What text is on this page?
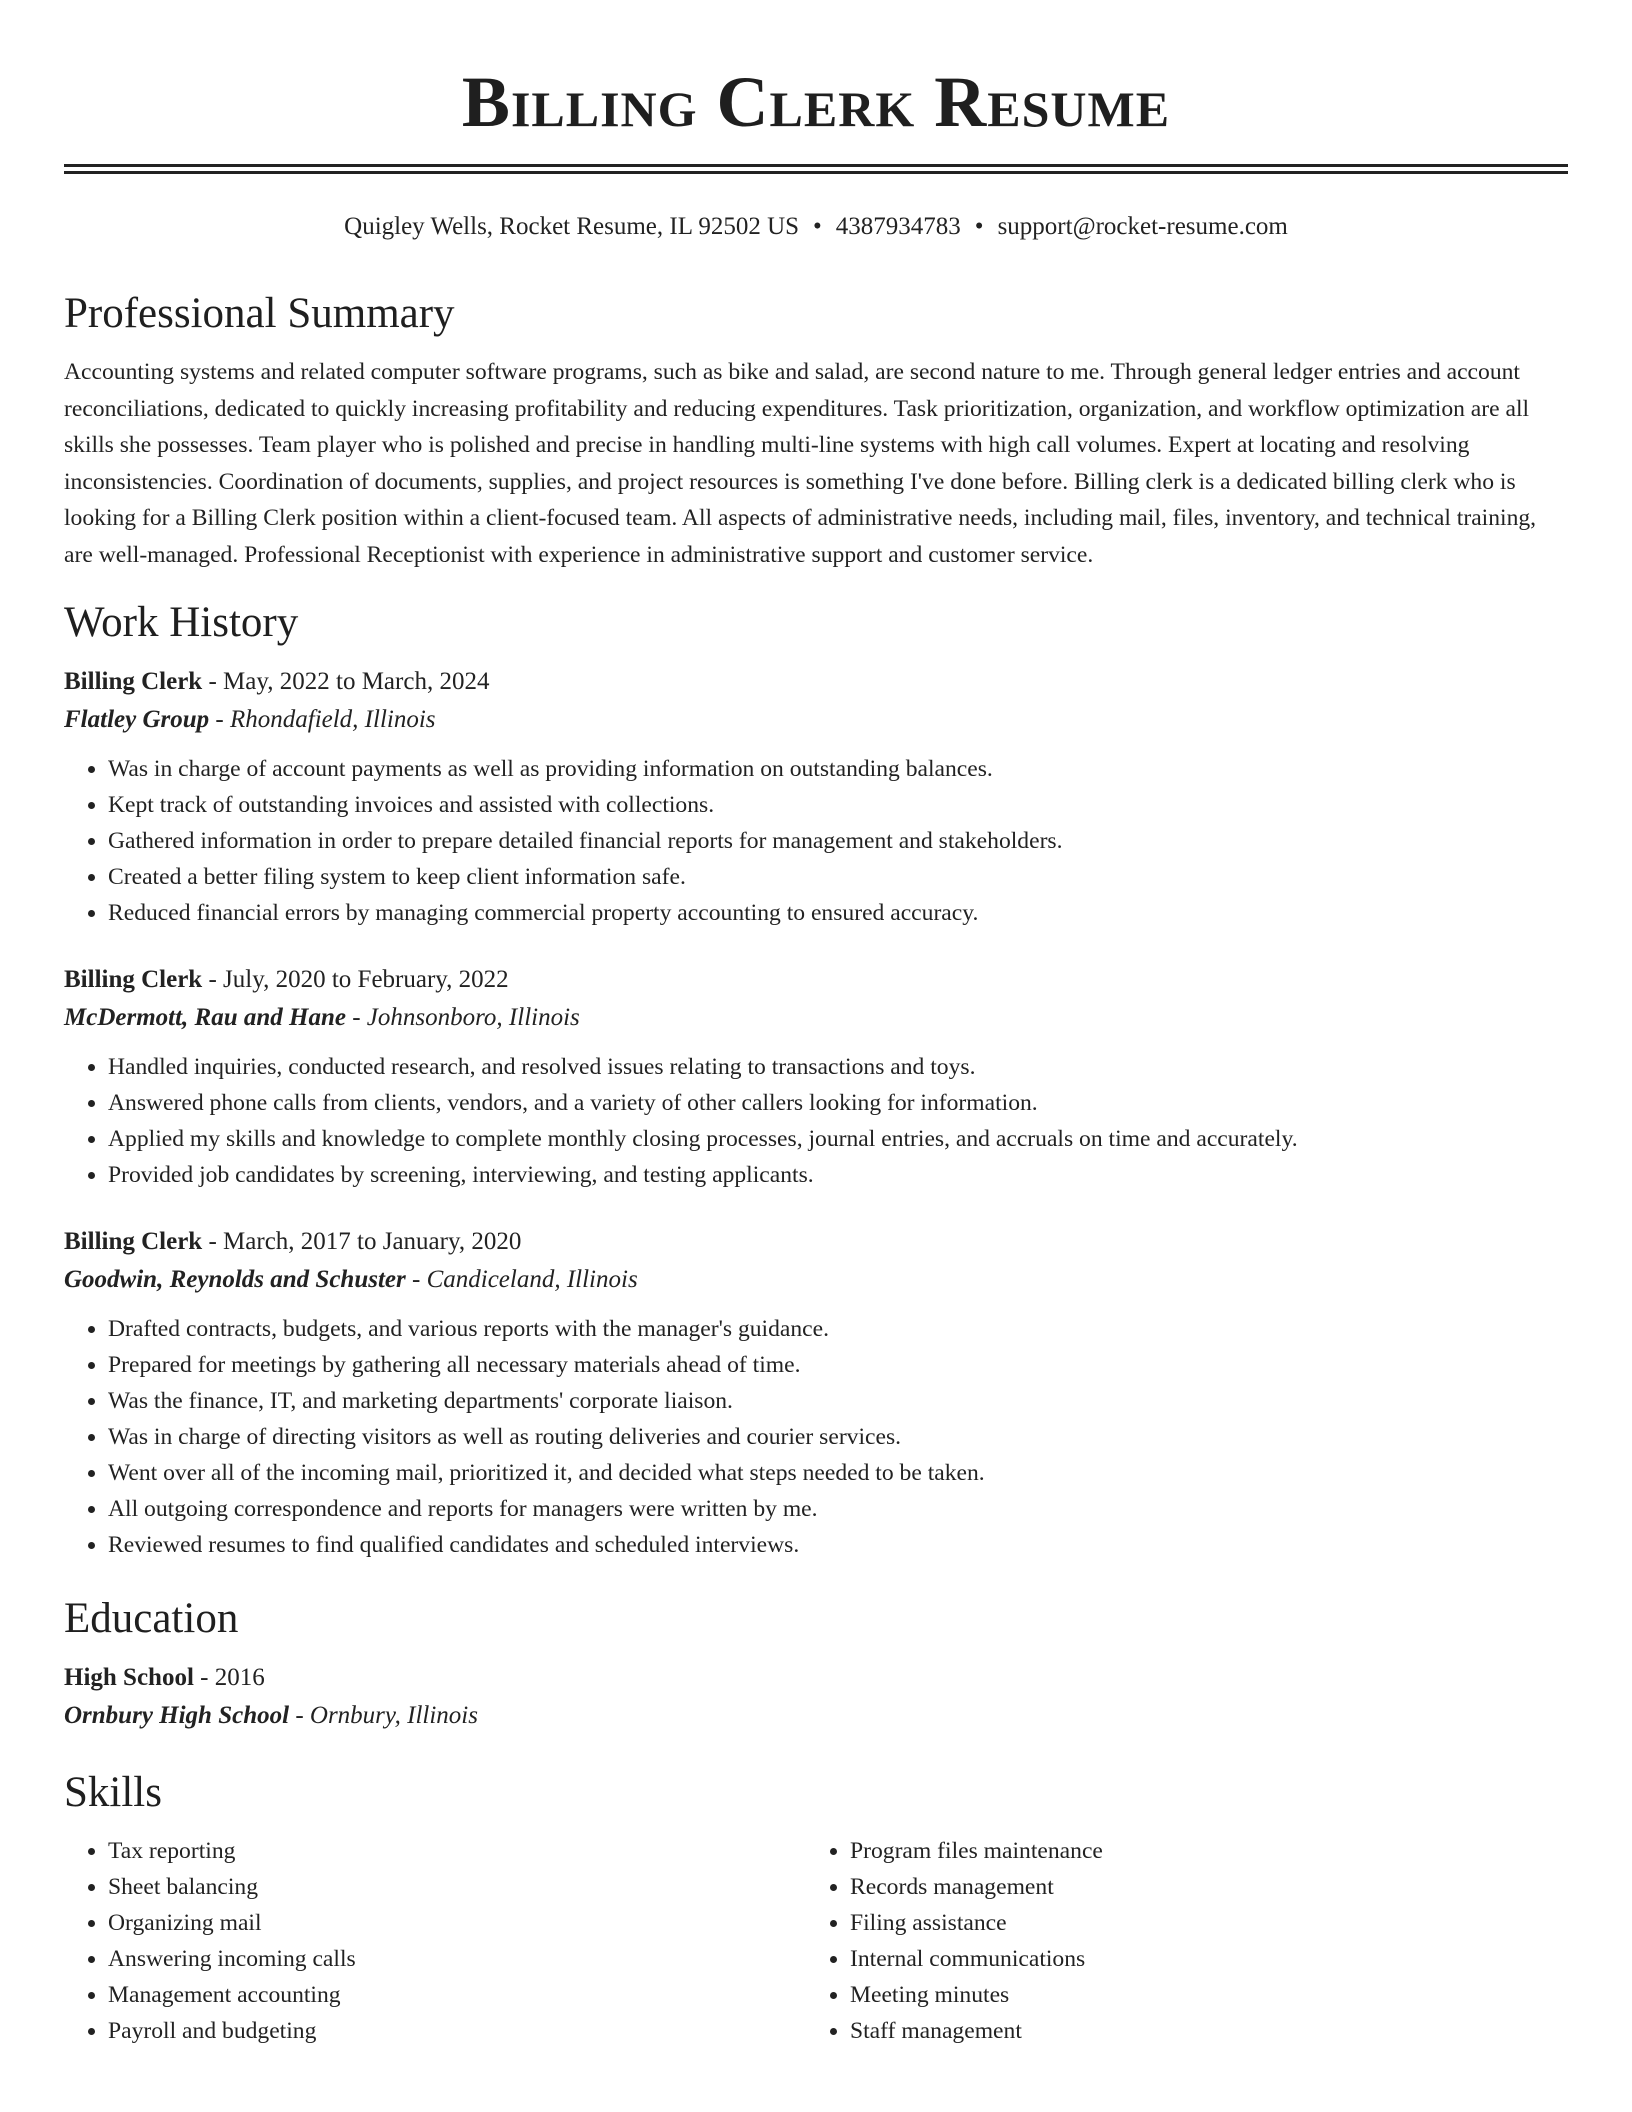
Billing Clerk Resume
Quigley Wells, Rocket Resume, IL 92502 US • 4387934783 • support@rocket-resume.com
Professional Summary

Accounting systems and related computer software programs, such as bike and salad, are second nature to me. Through general ledger entries and account reconciliations, dedicated to quickly increasing profitability and reducing expenditures. Task prioritization, organization, and workflow optimization are all skills she possesses. Team player who is polished and precise in handling multi-line systems with high call volumes. Expert at locating and resolving inconsistencies. Coordination of documents, supplies, and project resources is something I've done before. Billing clerk is a dedicated billing clerk who is looking for a Billing Clerk position within a client-focused team. All aspects of administrative needs, including mail, files, inventory, and technical training, are well-managed. Professional Receptionist with experience in administrative support and customer service.

Work History
Billing Clerk - May, 2022 to March, 2024
Flatley Group - Rhondafield, Illinois
• Was in charge of account payments as well as providing information on outstanding balances.
• Kept track of outstanding invoices and assisted with collections.
• Gathered information in order to prepare detailed financial reports for management and stakeholders.
• Created a better filing system to keep client information safe.
• Reduced financial errors by managing commercial property accounting to ensured accuracy.
Billing Clerk - July, 2020 to February, 2022
McDermott, Rau and Hane - Johnsonboro, Illinois
• Handled inquiries, conducted research, and resolved issues relating to transactions and toys.
• Answered phone calls from clients, vendors, and a variety of other callers looking for information.
• Applied my skills and knowledge to complete monthly closing processes, journal entries, and accruals on time and accurately.
• Provided job candidates by screening, interviewing, and testing applicants.
Billing Clerk - March, 2017 to January, 2020
Goodwin, Reynolds and Schuster - Candiceland, Illinois
• Drafted contracts, budgets, and various reports with the manager's guidance.
• Prepared for meetings by gathering all necessary materials ahead of time.
• Was the finance, IT, and marketing departments' corporate liaison.
• Was in charge of directing visitors as well as routing deliveries and courier services.
• Went over all of the incoming mail, prioritized it, and decided what steps needed to be taken.
• All outgoing correspondence and reports for managers were written by me.
• Reviewed resumes to find qualified candidates and scheduled interviews.
Education
High School - 2016
Ornbury High School - Ornbury, Illinois
Skills
• Tax reporting
• Sheet balancing
• Organizing mail
• Answering incoming calls
• Management accounting
• Payroll and budgeting
• Program files maintenance
• Records management
• Filing assistance
• Internal communications
• Meeting minutes
• Staff management
